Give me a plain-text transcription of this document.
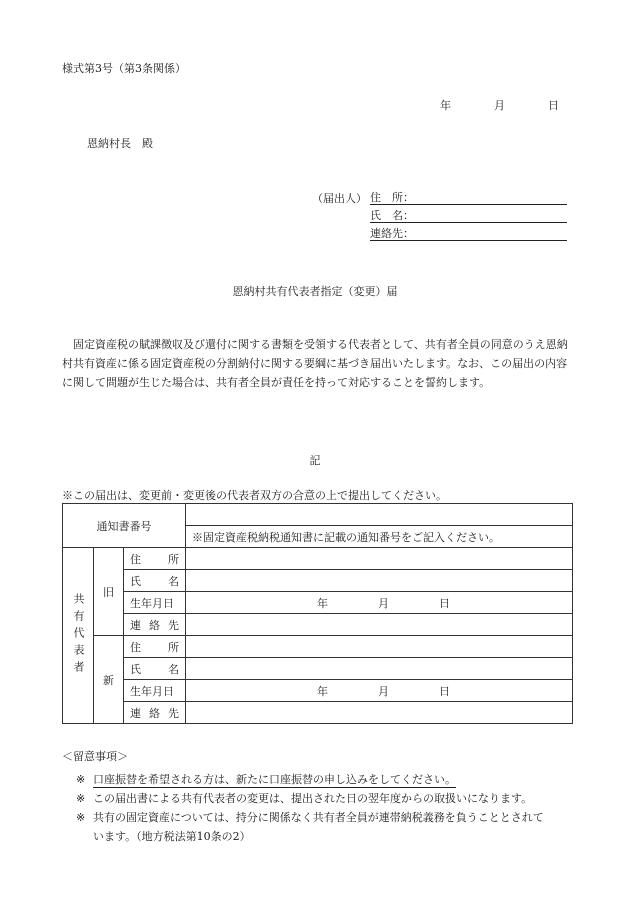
様式第3号（第3条関係）
年	月	日
恩納村長　殿
（届出人） 住　所：
氏　名：
連絡先：
恩納村共有代表者指定（変更）届
固定資産税の賦課徴収及び還付に関する書類を受領する代表者として、共有者全員の同意のうえ恩納村共有資産に係る固定資産税の分割納付に関する要綱に基づき届出いたします。なお、この届出の内容に関して問題が生じた場合は、共有者全員が責任を持って対応することを誓約します。
記
※この届出は、変更前・変更後の代表者双方の合意の上で提出してください。
通知書番号			
			※固定資産税納税通知書に記載の通知番号をご記入ください。
共有代表者	旧	住 所	

		氏 名	

		生年月日	年 月 日

		連 絡 先	

	新	住 所	

		氏 名	

		生年月日	年 月 日

		連 絡 先	

＜留意事項＞
※ 口座振替を希望される方は、新たに口座振替の申し込みをしてください。
※ この届出書による共有代表者の変更は、提出された日の翌年度からの取扱いになります。
※ 共有の固定資産については、持分に関係なく共有者全員が連帯納税義務を負うこととされて
います。（地方税法第10条の2）
